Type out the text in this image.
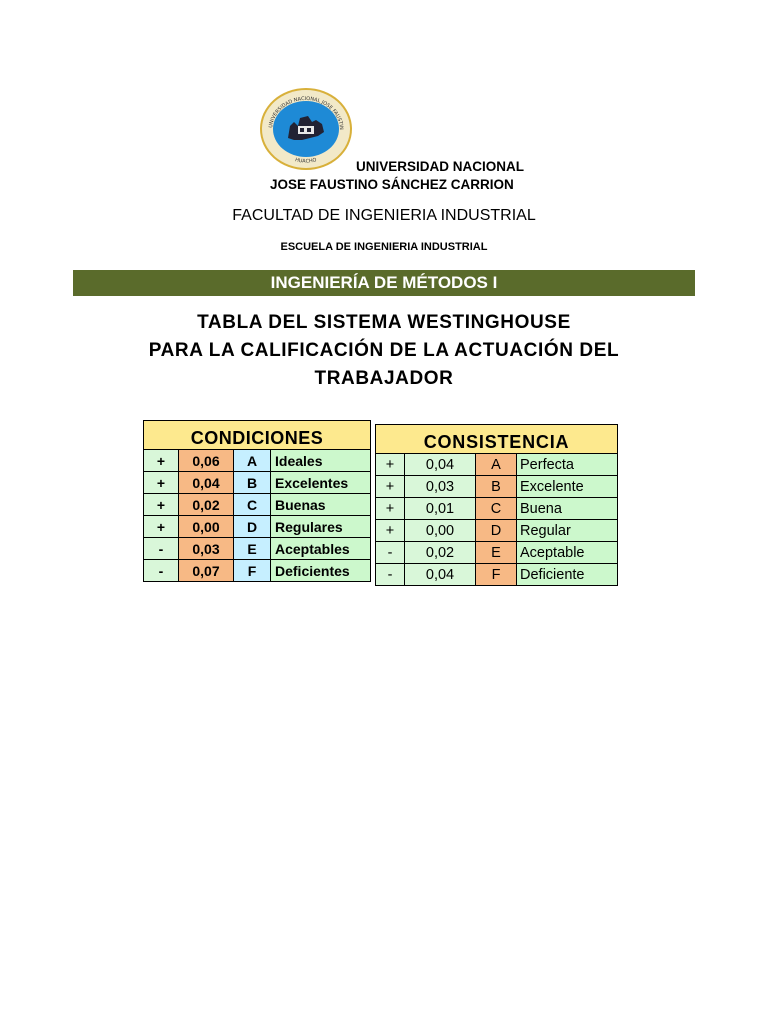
UNIVERSIDAD NACIONAL JOSE FAUSTIN
HUACHO	UNIVERSIDAD NACIONAL
JOSE FAUSTINO SÁNCHEZ CARRION
FACULTAD DE INGENIERIA INDUSTRIAL
ESCUELA DE INGENIERIA INDUSTRIAL
INGENIERÍA DE MÉTODOS I
TABLA DEL SISTEMA WESTINGHOUSE
PARA LA CALIFICACIÓN DE LA ACTUACIÓN DEL
TRABAJADOR
CONDICIONES			
+	0,06	A	Ideales
+	0,04	B	Excelentes
+	0,02	C	Buenas
+	0,00	D	Regulares
-	0,03	E	Aceptables
-	0,07	F	Deficientes
CONSISTENCIA			
+	0,04	A	Perfecta
+	0,03	B	Excelente
+	0,01	C	Buena
+	0,00	D	Regular
-	0,02	E	Aceptable
-	0,04	F	Deficiente
